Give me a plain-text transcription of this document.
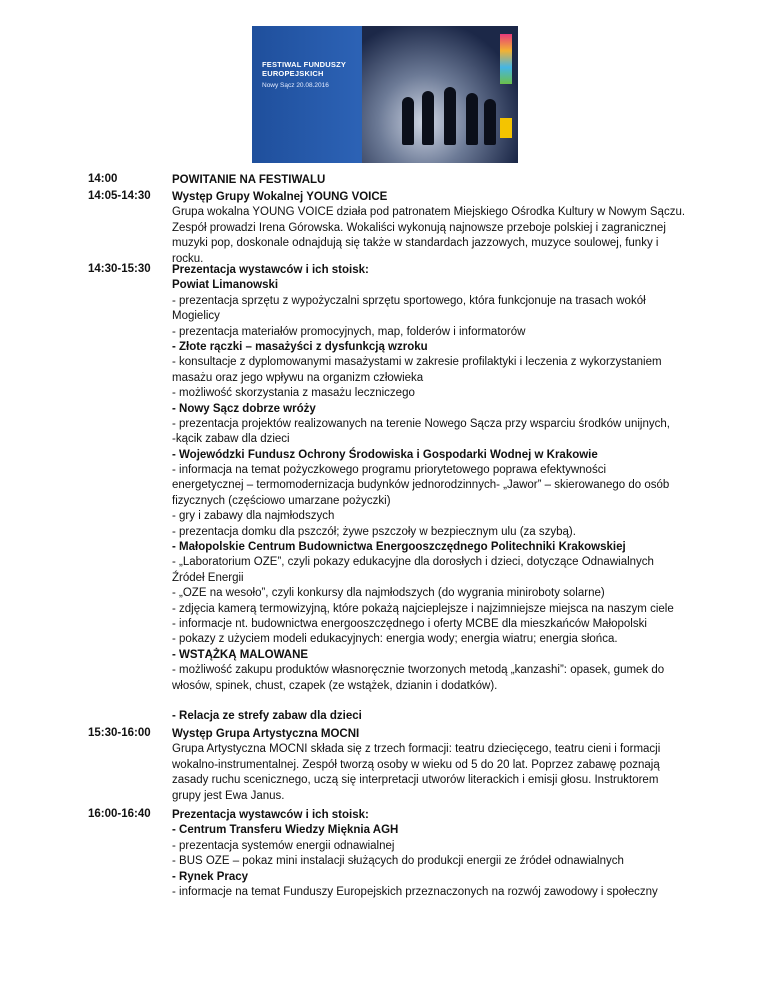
FESTIWAL FUNDUSZY
EUROPEJSKICH
Nowy Sącz 20.08.2016
14:00	POWITANIE NA FESTIWALU

14:05-14:30 Występ Grupy Wokalnej YOUNG VOICE

Grupa wokalna YOUNG VOICE działa pod patronatem Miejskiego Ośrodka Kultury w Nowym Sączu.

Zespół prowadzi Irena Górowska. Wokaliści wykonują najnowsze przeboje polskiej i zagranicznej

muzyki pop, doskonale odnajdują się także w standardach jazzowych, muzyce soulowej, funky i

rocku.

14:30-15:30 Prezentacja wystawców i ich stoisk:

Powiat Limanowski

- prezentacja sprzętu z wypożyczalni sprzętu sportowego, która funkcjonuje na trasach wokół

Mogielicy

- prezentacja materiałów promocyjnych, map, folderów i informatorów

- Złote rączki – masażyści z dysfunkcją wzroku

- konsultacje z dyplomowanymi masażystami w zakresie profilaktyki i leczenia z wykorzystaniem

masażu oraz jego wpływu na organizm człowieka

- możliwość skorzystania z masażu leczniczego

- Nowy Sącz dobrze wróży

- prezentacja projektów realizowanych na terenie Nowego Sącza przy wsparciu środków unijnych,

-kącik zabaw dla dzieci

- Wojewódzki Fundusz Ochrony Środowiska i Gospodarki Wodnej w Krakowie

- informacja na temat pożyczkowego programu priorytetowego poprawa efektywności

energetycznej – termomodernizacja budynków jednorodzinnych- „Jawor” – skierowanego do osób

fizycznych (częściowo umarzane pożyczki)

- gry i zabawy dla najmłodszych

- prezentacja domku dla pszczół; żywe pszczoły w bezpiecznym ulu (za szybą).

- Małopolskie Centrum Budownictwa Energooszczędnego Politechniki Krakowskiej

- „Laboratorium OZE”, czyli pokazy edukacyjne dla dorosłych i dzieci, dotyczące Odnawialnych

Źródeł Energii

- „OZE na wesoło”, czyli konkursy dla najmłodszych (do wygrania miniroboty solarne)

- zdjęcia kamerą termowizyjną, które pokażą najcieplejsze i najzimniejsze miejsca na naszym ciele

- informacje nt. budownictwa energooszczędnego i oferty MCBE dla mieszkańców Małopolski

- pokazy z użyciem modeli edukacyjnych: energia wody; energia wiatru; energia słońca.

- WSTĄŻKĄ MALOWANE

- możliwość zakupu produktów własnoręcznie tworzonych metodą „kanzashi”: opasek, gumek do

włosów, spinek, chust, czapek (ze wstążek, dzianin i dodatków).

- Relacja ze strefy zabaw dla dzieci

15:30-16:00 Występ Grupa Artystyczna MOCNI

Grupa Artystyczna MOCNI składa się z trzech formacji: teatru dziecięcego, teatru cieni i formacji

wokalno-instrumentalnej. Zespół tworzą osoby w wieku od 5 do 20 lat. Poprzez zabawę poznają

zasady ruchu scenicznego, uczą się interpretacji utworów literackich i emisji głosu. Instruktorem

grupy jest Ewa Janus.

16:00-16:40 Prezentacja wystawców i ich stoisk:

- Centrum Transferu Wiedzy Mięknia AGH

- prezentacja systemów energii odnawialnej

- BUS OZE – pokaz mini instalacji służących do produkcji energii ze źródeł odnawialnych

- Rynek Pracy

- informacje na temat Funduszy Europejskich przeznaczonych na rozwój zawodowy i społeczny
